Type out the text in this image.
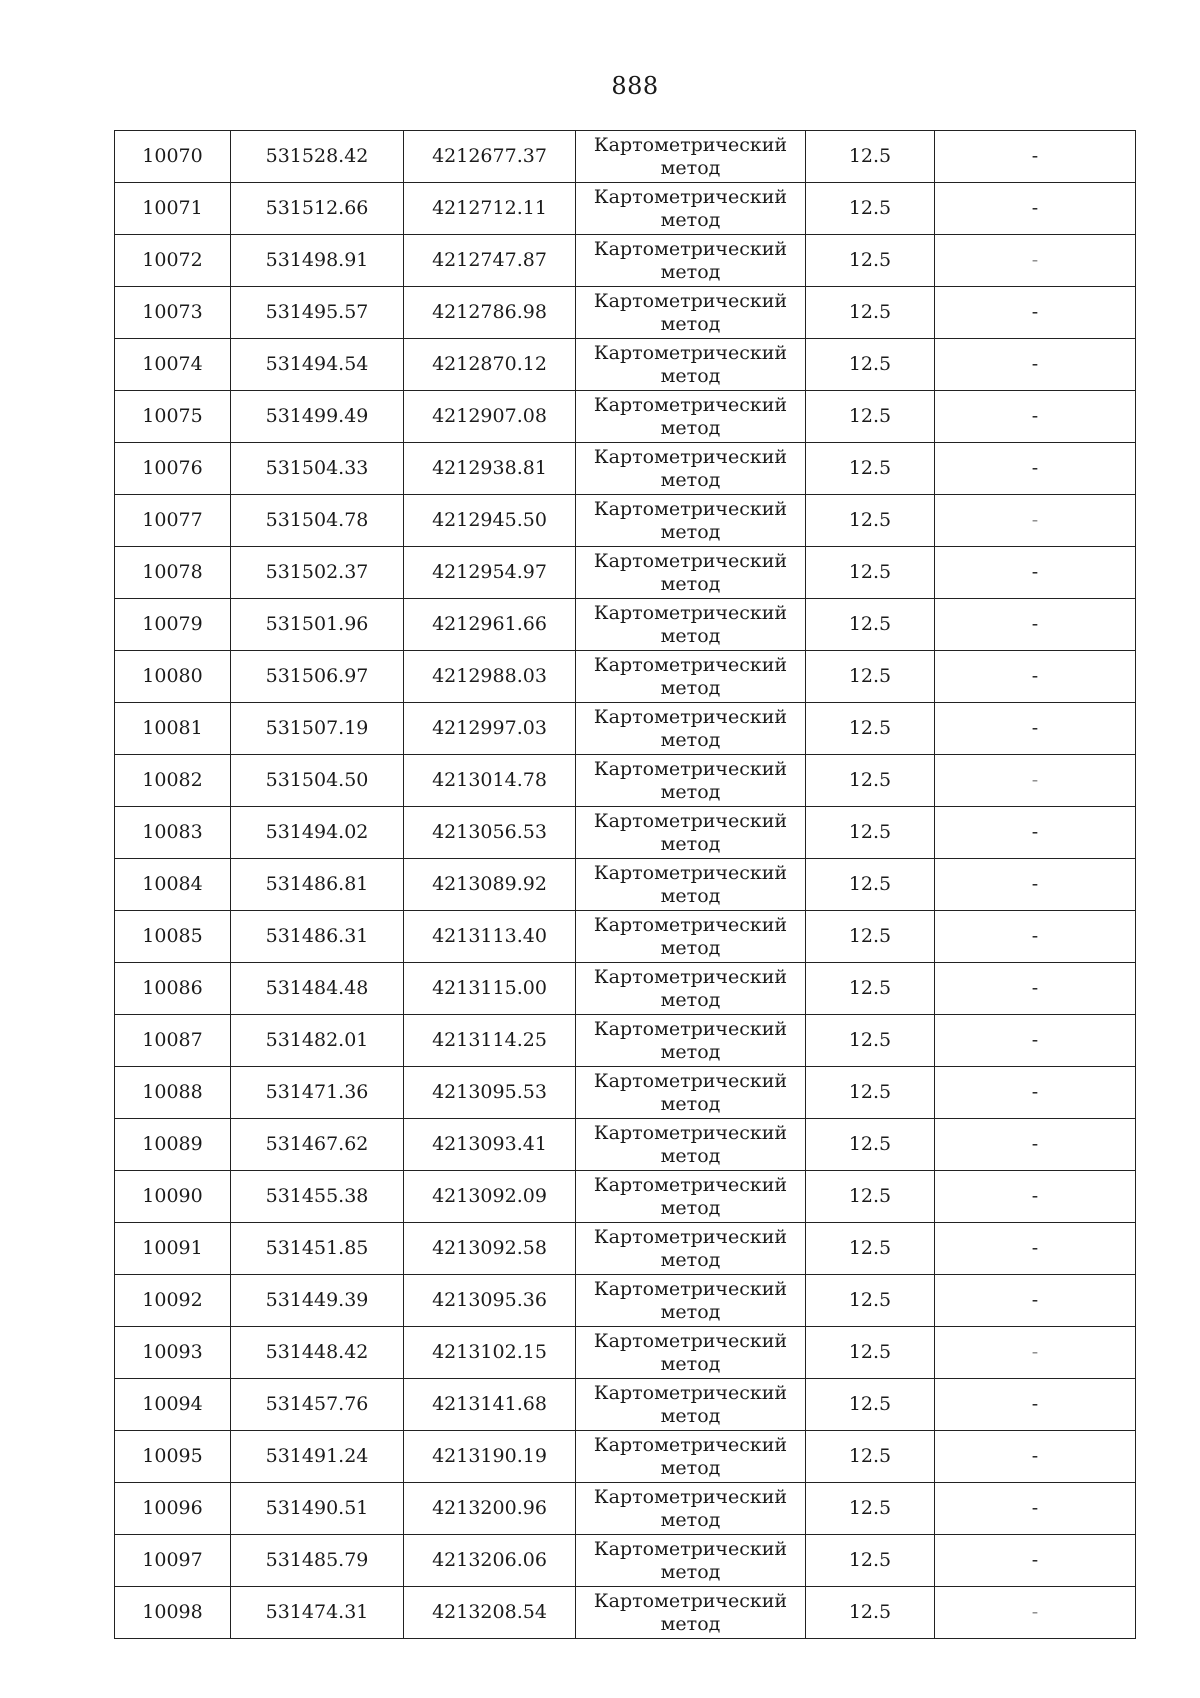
888
10070	531528.42	4212677.37	Картометрический
метод	12.5	-
10071	531512.66	4212712.11	Картометрический
метод	12.5	-
10072	531498.91	4212747.87	Картометрический
метод	12.5	-
10073	531495.57	4212786.98	Картометрический
метод	12.5	-
10074	531494.54	4212870.12	Картометрический
метод	12.5	-
10075	531499.49	4212907.08	Картометрический
метод	12.5	-
10076	531504.33	4212938.81	Картометрический
метод	12.5	-
10077	531504.78	4212945.50	Картометрический
метод	12.5	-
10078	531502.37	4212954.97	Картометрический
метод	12.5	-
10079	531501.96	4212961.66	Картометрический
метод	12.5	-
10080	531506.97	4212988.03	Картометрический
метод	12.5	-
10081	531507.19	4212997.03	Картометрический
метод	12.5	-
10082	531504.50	4213014.78	Картометрический
метод	12.5	-
10083	531494.02	4213056.53	Картометрический
метод	12.5	-
10084	531486.81	4213089.92	Картометрический
метод	12.5	-
10085	531486.31	4213113.40	Картометрический
метод	12.5	-
10086	531484.48	4213115.00	Картометрический
метод	12.5	-
10087	531482.01	4213114.25	Картометрический
метод	12.5	-
10088	531471.36	4213095.53	Картометрический
метод	12.5	-
10089	531467.62	4213093.41	Картометрический
метод	12.5	-
10090	531455.38	4213092.09	Картометрический
метод	12.5	-
10091	531451.85	4213092.58	Картометрический
метод	12.5	-
10092	531449.39	4213095.36	Картометрический
метод	12.5	-
10093	531448.42	4213102.15	Картометрический
метод	12.5	-
10094	531457.76	4213141.68	Картометрический
метод	12.5	-
10095	531491.24	4213190.19	Картометрический
метод	12.5	-
10096	531490.51	4213200.96	Картометрический
метод	12.5	-
10097	531485.79	4213206.06	Картометрический
метод	12.5	-
10098	531474.31	4213208.54	Картометрический
метод	12.5	-
